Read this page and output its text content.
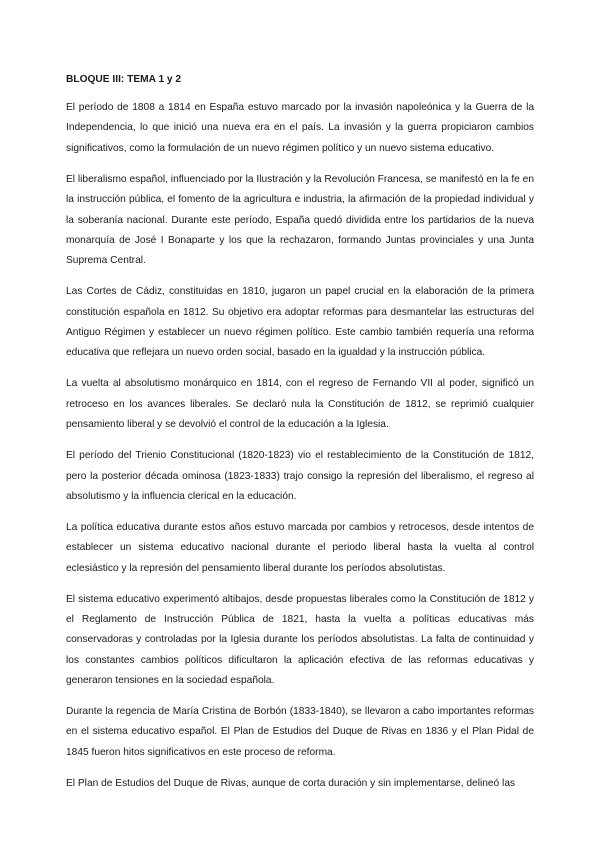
BLOQUE III: TEMA 1 y 2

El período de 1808 a 1814 en España estuvo marcado por la invasión napoleónica y la Guerra de la Independencia, lo que inició una nueva era en el país. La invasión y la guerra propiciaron cambios significativos, como la formulación de un nuevo régimen político y un nuevo sistema educativo.

El liberalismo español, influenciado por la Ilustración y la Revolución Francesa, se manifestó en la fe en la instrucción pública, el fomento de la agricultura e industria, la afirmación de la propiedad individual y la soberanía nacional. Durante este período, España quedó dividida entre los partidarios de la nueva monarquía de José I Bonaparte y los que la rechazaron, formando Juntas provinciales y una Junta Suprema Central.

Las Cortes de Cádiz, constituidas en 1810, jugaron un papel crucial en la elaboración de la primera constitución española en 1812. Su objetivo era adoptar reformas para desmantelar las estructuras del Antiguo Régimen y establecer un nuevo régimen político. Este cambio también requería una reforma educativa que reflejara un nuevo orden social, basado en la igualdad y la instrucción pública.

La vuelta al absolutismo monárquico en 1814, con el regreso de Fernando VII al poder, significó un retroceso en los avances liberales. Se declaró nula la Constitución de 1812, se reprimió cualquier pensamiento liberal y se devolvió el control de la educación a la Iglesia.

El período del Trienio Constitucional (1820-1823) vio el restablecimiento de la Constitución de 1812, pero la posterior década ominosa (1823-1833) trajo consigo la represión del liberalismo, el regreso al absolutismo y la influencia clerical en la educación.

La política educativa durante estos años estuvo marcada por cambios y retrocesos, desde intentos de establecer un sistema educativo nacional durante el periodo liberal hasta la vuelta al control eclesiástico y la represión del pensamiento liberal durante los períodos absolutistas.

El sistema educativo experimentó altibajos, desde propuestas liberales como la Constitución de 1812 y el Reglamento de Instrucción Pública de 1821, hasta la vuelta a políticas educativas más conservadoras y controladas por la Iglesia durante los períodos absolutistas. La falta de continuidad y los constantes cambios políticos dificultaron la aplicación efectiva de las reformas educativas y generaron tensiones en la sociedad española.

Durante la regencia de María Cristina de Borbón (1833-1840), se llevaron a cabo importantes reformas en el sistema educativo español. El Plan de Estudios del Duque de Rivas en 1836 y el Plan Pidal de 1845 fueron hitos significativos en este proceso de reforma.

El Plan de Estudios del Duque de Rivas, aunque de corta duración y sin implementarse, delineó las
